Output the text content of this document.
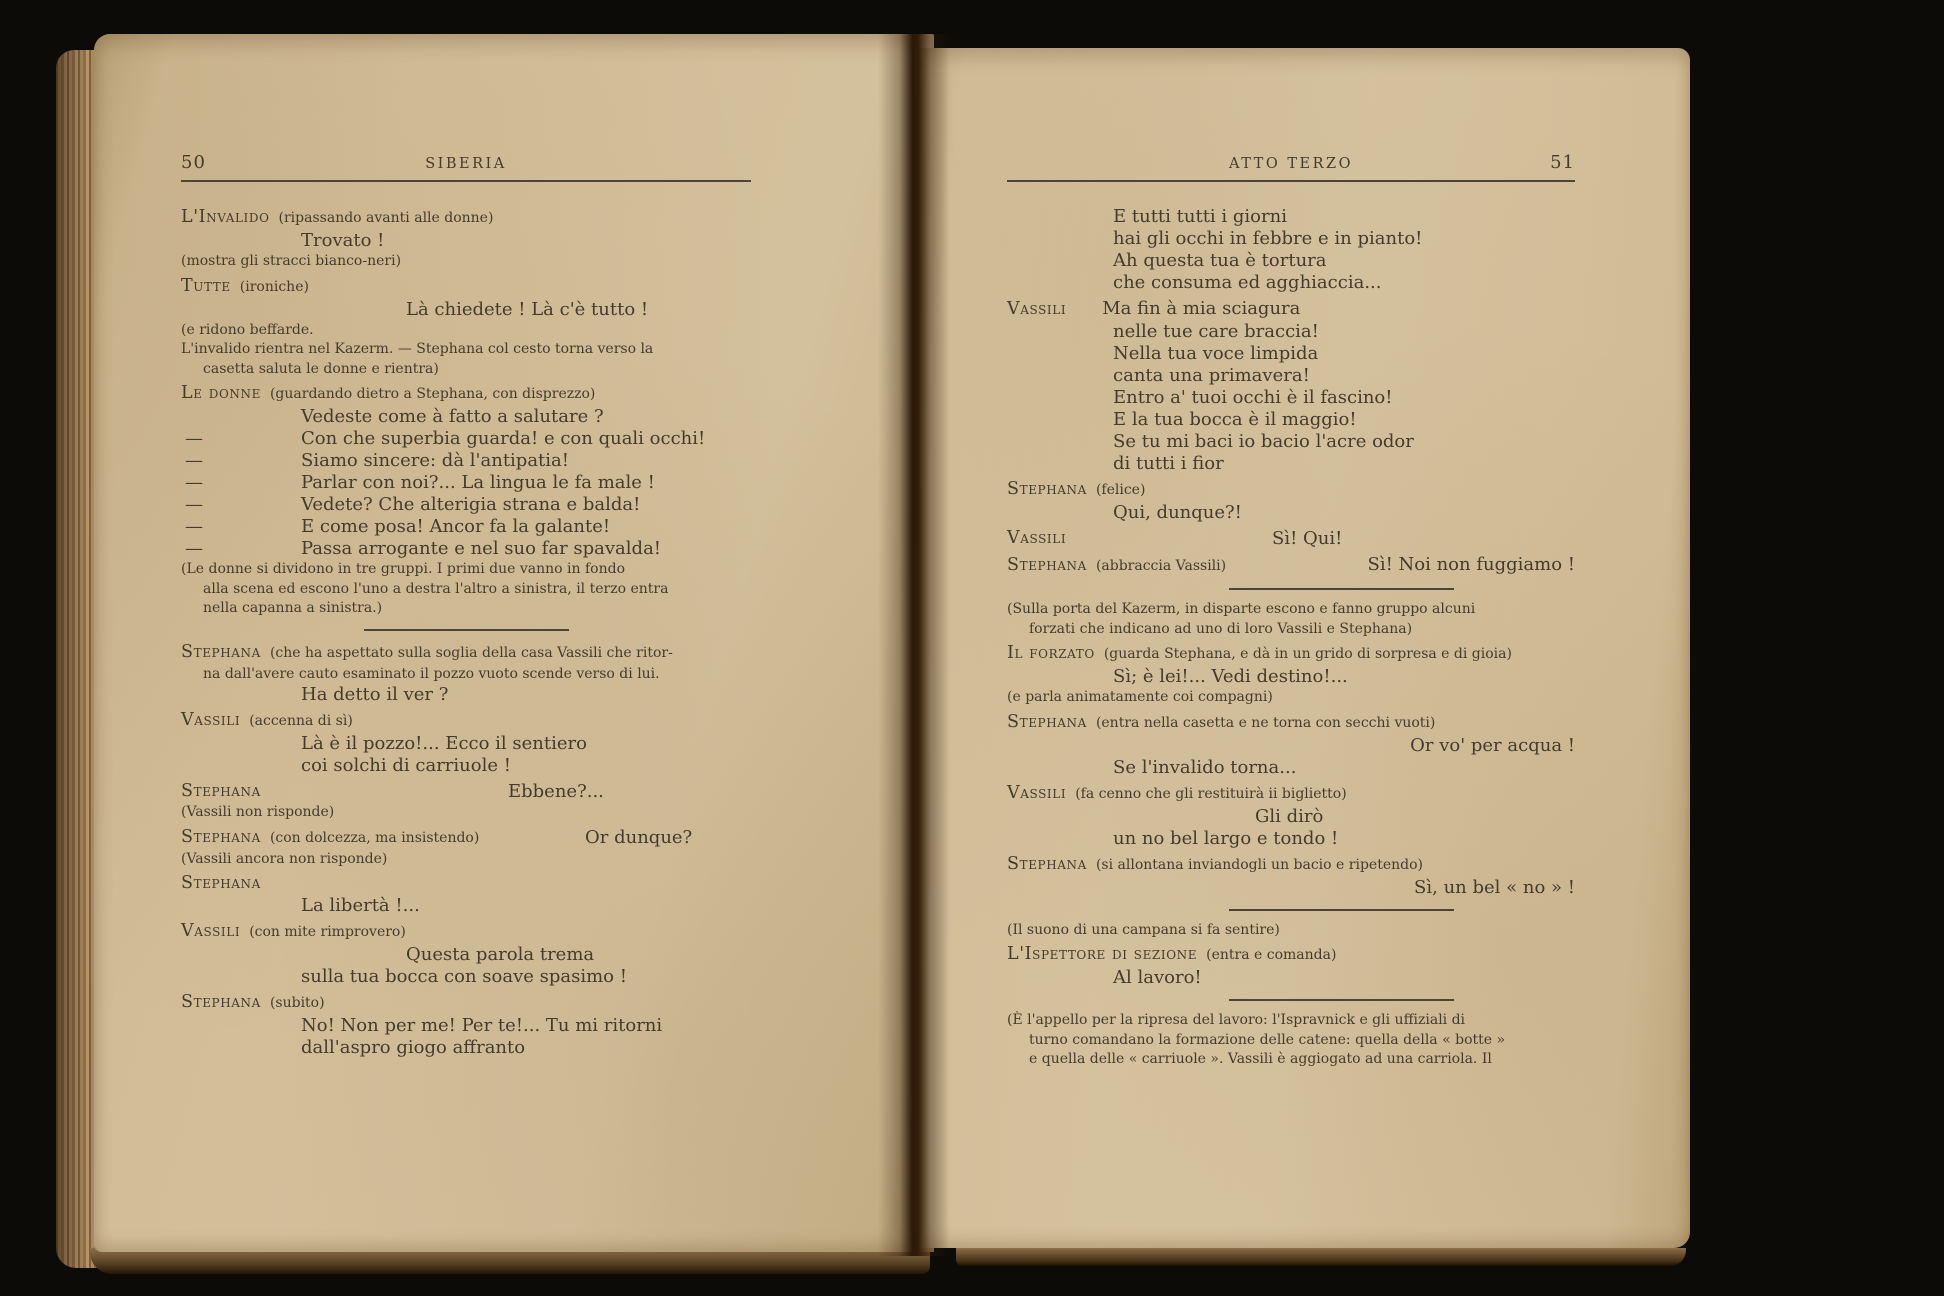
50	SIBERIA
L'Invalido (ripassando avanti alle donne)
Trovato !
(mostra gli stracci bianco-neri)
Tutte (ironiche)
Là chiedete ! Là c'è tutto !
(e ridono beffarde.
L'invalido rientra nel Kazerm. — Stephana col cesto torna verso la
casetta saluta le donne e rientra)
Le donne (guardando dietro a Stephana, con disprezzo)
Vedeste come à fatto a salutare ?
—	Con che superbia guarda! e con quali occhi!
—	Siamo sincere: dà l'antipatia!
—	Parlar con noi?... La lingua le fa male !
—	Vedete? Che alterigia strana e balda!
—	E come posa! Ancor fa la galante!
—	Passa arrogante e nel suo far spavalda!
(Le donne si dividono in tre gruppi. I primi due vanno in fondo
alla scena ed escono l'uno a destra l'altro a sinistra, il terzo entra
nella capanna a sinistra.)
Stephana (che ha aspettato sulla soglia della casa Vassili che ritor-
na dall'avere cauto esaminato il pozzo vuoto scende verso di lui.
Ha detto il ver ?
Vassili (accenna di sì)
Là è il pozzo!... Ecco il sentiero
coi solchi di carriuole !
Stephana	Ebbene?...
(Vassili non risponde)
Stephana (con dolcezza, ma insistendo)	Or dunque?
(Vassili ancora non risponde)
Stephana
La libertà !...
Vassili (con mite rimprovero)
Questa parola trema
sulla tua bocca con soave spasimo !
Stephana (subito)
No! Non per me! Per te!... Tu mi ritorni
dall'aspro giogo affranto
ATTO TERZO	51
E tutti tutti i giorni
hai gli occhi in febbre e in pianto!
Ah questa tua è tortura
che consuma ed agghiaccia...
Vassili Ma fin à mia sciagura
nelle tue care braccia!
Nella tua voce limpida
canta una primavera!
Entro a' tuoi occhi è il fascino!
E la tua bocca è il maggio!
Se tu mi baci io bacio l'acre odor
di tutti i fior
Stephana (felice)
Qui, dunque?!
Vassili	Sì! Qui!
Stephana (abbraccia Vassili)	Sì! Noi non fuggiamo !
(Sulla porta del Kazerm, in disparte escono e fanno gruppo alcuni
forzati che indicano ad uno di loro Vassili e Stephana)
Il forzato (guarda Stephana, e dà in un grido di sorpresa e di gioia)
Sì; è lei!... Vedi destino!...
(e parla animatamente coi compagni)
Stephana (entra nella casetta e ne torna con secchi vuoti)
Or vo' per acqua !
Se l'invalido torna...
Vassili (fa cenno che gli restituirà ii biglietto)
Gli dirò
un no bel largo e tondo !
Stephana (si allontana inviandogli un bacio e ripetendo)
Sì, un bel « no » !
(Il suono di una campana si fa sentire)
L'Ispettore di sezione (entra e comanda)
Al lavoro!
(È l'appello per la ripresa del lavoro: l'Ispravnick e gli uffiziali di
turno comandano la formazione delle catene: quella della « botte »
e quella delle « carriuole ». Vassili è aggiogato ad una carriola. Il
